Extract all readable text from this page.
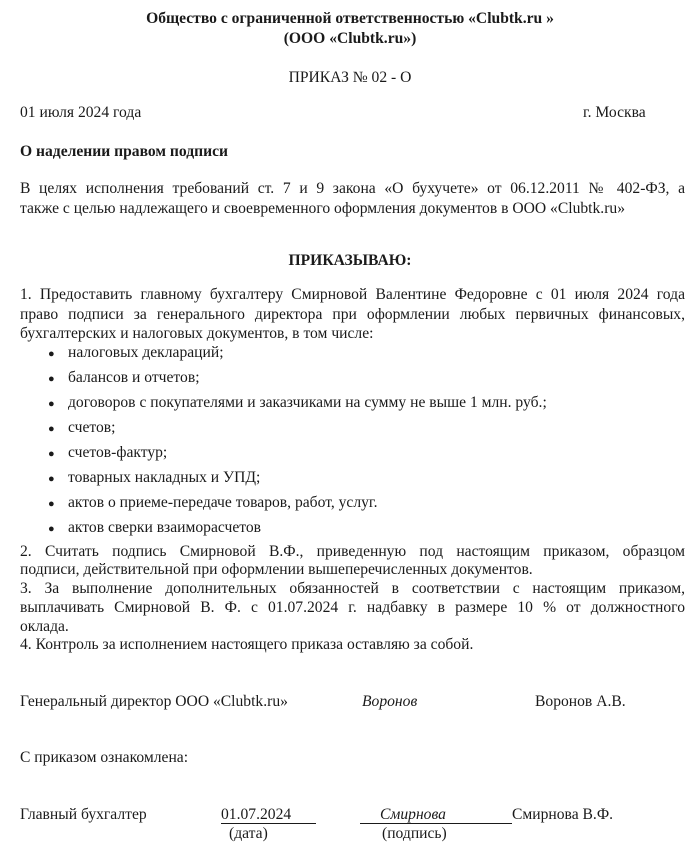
Общество с ограниченной ответственностью «Clubtk.ru »
(ООО «Clubtk.ru»)
ПРИКАЗ № 02 - О
01 июля 2024 года	г. Москва
О наделении правом подписи
В целях исполнения требований ст. 7 и 9 закона «О бухучете» от 06.12.2011 № 402-ФЗ, а
также с целью надлежащего и своевременного оформления документов в ООО «Clubtk.ru»
ПРИКАЗЫВАЮ:
1. Предоставить главному бухгалтеру Смирновой Валентине Федоровне с 01 июля 2024 года
право подписи за генерального директора при оформлении любых первичных финансовых,
бухгалтерских и налоговых документов, в том числе:
● налоговых деклараций;
● балансов и отчетов;
● договоров с покупателями и заказчиками на сумму не выше 1 млн. руб.;
● счетов;
● счетов-фактур;
● товарных накладных и УПД;
● актов о приеме-передаче товаров, работ, услуг.
● актов сверки взаиморасчетов
2. Считать подпись Смирновой В.Ф., приведенную под настоящим приказом, образцом
подписи, действительной при оформлении вышеперечисленных документов.
3. За выполнение дополнительных обязанностей в соответствии с настоящим приказом,
выплачивать Смирновой В. Ф. с 01.07.2024 г. надбавку в размере 10 % от должностного
оклада.
4. Контроль за исполнением настоящего приказа оставляю за собой.
Генеральный директор ООО «Clubtk.ru»	Воронов	Воронов А.В.
С приказом ознакомлена:
Главный бухгалтер	01.07.2024
(дата)
Смирнова
(подпись)
Смирнова В.Ф.
